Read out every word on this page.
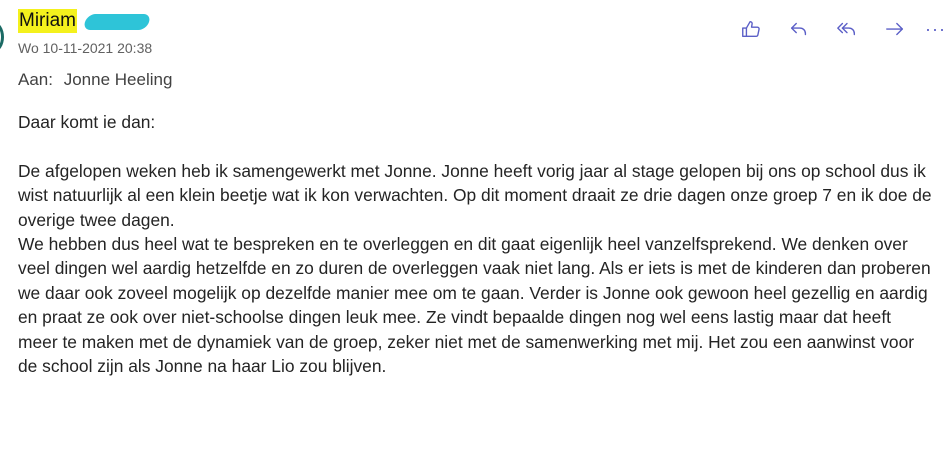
Miriam
Wo 10-11-2021 20:38
Aan: Jonne Heeling
···

Daar komt ie dan:

De afgelopen weken heb ik samengewerkt met Jonne. Jonne heeft vorig jaar al stage gelopen bij ons op school dus ik wist natuurlijk al een klein beetje wat ik kon verwachten. Op dit moment draait ze drie dagen onze groep 7 en ik doe de overige twee dagen.

We hebben dus heel wat te bespreken en te overleggen en dit gaat eigenlijk heel vanzelfsprekend. We denken over veel dingen wel aardig hetzelfde en zo duren de overleggen vaak niet lang. Als er iets is met de kinderen dan proberen we daar ook zoveel mogelijk op dezelfde manier mee om te gaan. Verder is Jonne ook gewoon heel gezellig en aardig en praat ze ook over niet-schoolse dingen leuk mee. Ze vindt bepaalde dingen nog wel eens lastig maar dat heeft meer te maken met de dynamiek van de groep, zeker niet met de samenwerking met mij. Het zou een aanwinst voor de school zijn als Jonne na haar Lio zou blijven.
